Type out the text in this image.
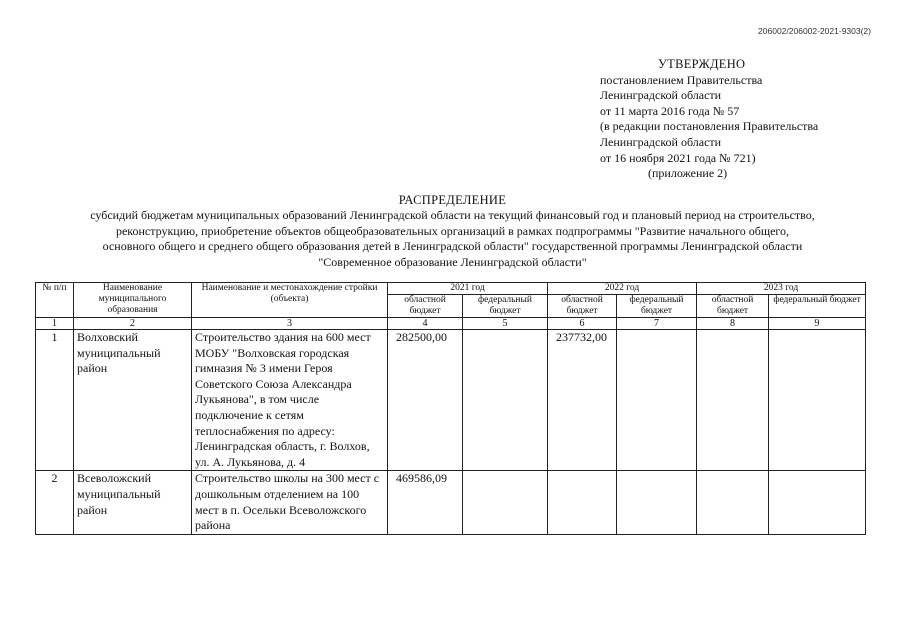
206002/206002-2021-9303(2)
УТВЕРЖДЕНО
постановлением Правительства
Ленинградской области
от 11 марта 2016 года № 57
(в редакции постановления Правительства
Ленинградской области
от 16 ноября 2021 года № 721)
(приложение 2)
РАСПРЕДЕЛЕНИЕ
субсидий бюджетам муниципальных образований Ленинградской области на текущий финансовый год и плановый период на строительство,
реконструкцию, приобретение объектов общеобразовательных организаций в рамках подпрограммы "Развитие начального общего,
основного общего и среднего общего образования детей в Ленинградской области" государственной программы Ленинградской области
"Современное образование Ленинградской области"
№ п/п	Наименование муниципального образования	Наименование и местонахождение стройки (объекта)	2021 год		2022 год		2023 год	
			областной бюджет	федеральный бюджет	областной бюджет	федеральный бюджет	областной бюджет	федеральный бюджет
1	2	3	4	5	6	7	8	9
1	Волховский муниципальный район	Строительство здания на 600 мест МОБУ "Волховская городская гимназия № 3 имени Героя Советского Союза Александра Лукьянова", в том числе подключение к сетям теплоснабжения по адресу: Ленинградская область, г. Волхов, ул. А. Лукьянова, д. 4	282500,00		237732,00			
2	Всеволожский муниципальный район	Строительство школы на 300 мест с дошкольным отделением на 100 мест в п. Осельки Всеволожского района	469586,09					
